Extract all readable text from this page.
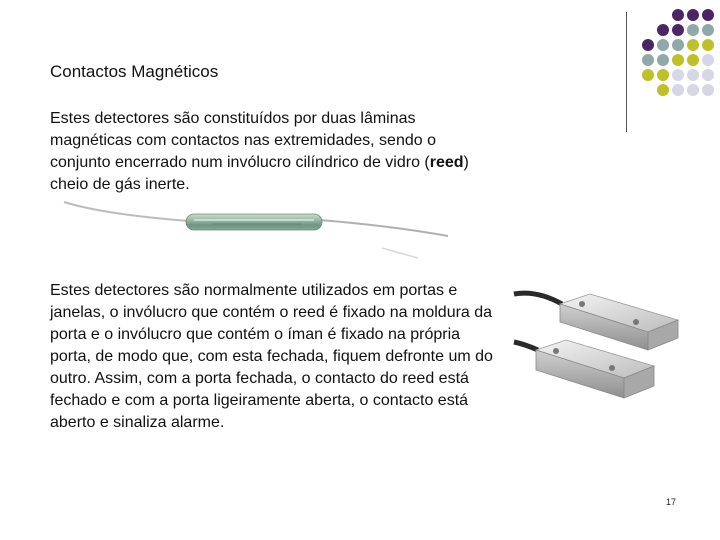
Contactos Magnéticos

Estes detectores são constituídos por duas lâminas magnéticas com contactos nas extremidades, sendo o conjunto encerrado num invólucro cilíndrico de vidro (reed) cheio de gás inerte.

Estes detectores são normalmente utilizados em portas e janelas, o invólucro que contém o reed é fixado na moldura da porta e o invólucro que contém o íman é fixado na própria porta, de modo que, com esta fechada, fiquem defronte um do outro. Assim, com a porta fechada, o contacto do reed está fechado e com a porta ligeiramente aberta, o contacto está aberto e sinaliza alarme.

17
